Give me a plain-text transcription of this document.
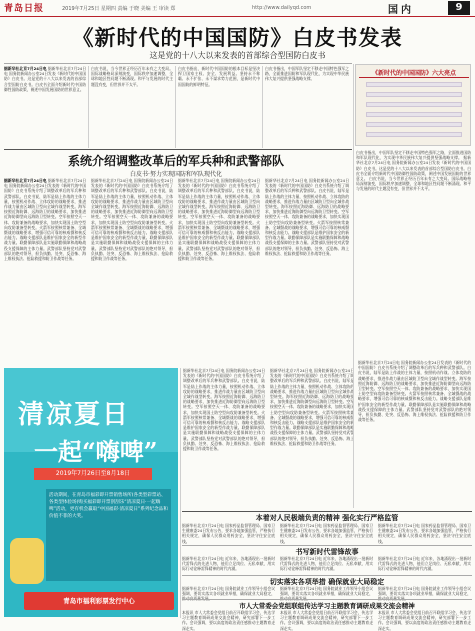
青岛日报	2019年7月25日 星期四 责编 于晓 美编 王 审读 郑	http://www.dailyqd.com	国内	9
《新时代的中国国防》白皮书发表
这是党的十八大以来发表的首部综合型国防白皮书
据新华社北京7月24日电 据新华社北京7月24日电 国务院新闻办公室24日发表《新时代的中国国防》白皮书。这是党的十八大以来发表的首部综合型国防白皮书。白皮书全面介绍新时代中国防御性国防政策，阐述中国发展国防的世界意义。
白皮书说，当今世界正经历百年未有之大变局。国际战略格局深刻演变，国际秩序加速调整，全球和地区性问题不断涌现。和平与发展的时代主题没有变，但世界并不太平。
白皮书指出，新时代中国国防的根本目标是坚决捍卫国家主权、安全、发展利益。坚持永不称霸、永不扩张、永不谋求势力范围，是新时代中国国防的鲜明特征。
白皮书指出，中国军队坚定不移走中国特色强军之路，全面推进国防和军队现代化，为实现中华民族伟大复兴提供坚强战略支撑。
《新时代的中国国防》六大亮点
白皮书指出，中国军队坚定不移走中国特色强军之路，全面推进国防和军队现代化，为实现中华民族伟大复兴提供坚强战略支撑。 据新华社北京7月24日电 国务院新闻办公室24日发表《新时代的中国国防》白皮书。这是党的十八大以来发表的首部综合型国防白皮书。白皮书全面介绍新时代中国防御性国防政策，阐述中国发展国防的世界意义。 白皮书说，当今世界正经历百年未有之大变局。国际战略格局深刻演变，国际秩序加速调整，全球和地区性问题不断涌现。和平与发展的时代主题没有变，但世界并不太平。
系统介绍调整改革后的军兵种和武警部队
白皮书·努力实现国防和军队现代化
据新华社北京7月24日电 据新华社北京7月24日电 国务院新闻办公室24日发表的《新时代的中国国防》白皮书系统介绍了调整改革后的军兵种和武警部队。白皮书说，陆军是陆上作战的主体力量，按照机动作战、立体攻防的战略要求，推进作战力量由区域防卫型向全域作战型转变。海军按照近海防御、远海防卫的战略要求，加快推进近海防御型向远海防卫型转变。空军按照空天一体、攻防兼备的战略要求，加快实现国土防空型向攻防兼备型转变。火箭军按照核常兼备、全域慑战的战略要求，增强可信可靠的核威慑和核反击能力。战略支援部队是维护国家安全的新型作战力量。联勤保障部队是实施联勤保障和战略战役支援保障的主体力量。武警部队坚持党对武警部队的绝对领导，担负执勤、处突、反恐怖、海上维权执法、抢险救援和防卫作战等任务。
据新华社北京7月24日电 国务院新闻办公室24日发表的《新时代的中国国防》白皮书系统介绍了调整改革后的军兵种和武警部队。白皮书说，陆军是陆上作战的主体力量，按照机动作战、立体攻防的战略要求，推进作战力量由区域防卫型向全域作战型转变。海军按照近海防御、远海防卫的战略要求，加快推进近海防御型向远海防卫型转变。空军按照空天一体、攻防兼备的战略要求，加快实现国土防空型向攻防兼备型转变。火箭军按照核常兼备、全域慑战的战略要求，增强可信可靠的核威慑和核反击能力。战略支援部队是维护国家安全的新型作战力量。联勤保障部队是实施联勤保障和战略战役支援保障的主体力量。武警部队坚持党对武警部队的绝对领导，担负执勤、处突、反恐怖、海上维权执法、抢险救援和防卫作战等任务。
据新华社北京7月24日电 国务院新闻办公室24日发表的《新时代的中国国防》白皮书系统介绍了调整改革后的军兵种和武警部队。白皮书说，陆军是陆上作战的主体力量，按照机动作战、立体攻防的战略要求，推进作战力量由区域防卫型向全域作战型转变。海军按照近海防御、远海防卫的战略要求，加快推进近海防御型向远海防卫型转变。空军按照空天一体、攻防兼备的战略要求，加快实现国土防空型向攻防兼备型转变。火箭军按照核常兼备、全域慑战的战略要求，增强可信可靠的核威慑和核反击能力。战略支援部队是维护国家安全的新型作战力量。联勤保障部队是实施联勤保障和战略战役支援保障的主体力量。武警部队坚持党对武警部队的绝对领导，担负执勤、处突、反恐怖、海上维权执法、抢险救援和防卫作战等任务。
据新华社北京7月24日电 国务院新闻办公室24日发表的《新时代的中国国防》白皮书系统介绍了调整改革后的军兵种和武警部队。白皮书说，陆军是陆上作战的主体力量，按照机动作战、立体攻防的战略要求，推进作战力量由区域防卫型向全域作战型转变。海军按照近海防御、远海防卫的战略要求，加快推进近海防御型向远海防卫型转变。空军按照空天一体、攻防兼备的战略要求，加快实现国土防空型向攻防兼备型转变。火箭军按照核常兼备、全域慑战的战略要求，增强可信可靠的核威慑和核反击能力。战略支援部队是维护国家安全的新型作战力量。联勤保障部队是实施联勤保障和战略战役支援保障的主体力量。武警部队坚持党对武警部队的绝对领导，担负执勤、处突、反恐怖、海上维权执法、抢险救援和防卫作战等任务。
据新华社北京7月24日电 国务院新闻办公室24日发表的《新时代的中国国防》白皮书系统介绍了调整改革后的军兵种和武警部队。白皮书说，陆军是陆上作战的主体力量，按照机动作战、立体攻防的战略要求，推进作战力量由区域防卫型向全域作战型转变。海军按照近海防御、远海防卫的战略要求，加快推进近海防御型向远海防卫型转变。空军按照空天一体、攻防兼备的战略要求，加快实现国土防空型向攻防兼备型转变。火箭军按照核常兼备、全域慑战的战略要求，增强可信可靠的核威慑和核反击能力。战略支援部队是维护国家安全的新型作战力量。联勤保障部队是实施联勤保障和战略战役支援保障的主体力量。武警部队坚持党对武警部队的绝对领导，担负执勤、处突、反恐怖、海上维权执法、抢险救援和防卫作战等任务。
据新华社北京7月24日电 国务院新闻办公室24日发表的《新时代的中国国防》白皮书系统介绍了调整改革后的军兵种和武警部队。白皮书说，陆军是陆上作战的主体力量，按照机动作战、立体攻防的战略要求，推进作战力量由区域防卫型向全域作战型转变。海军按照近海防御、远海防卫的战略要求，加快推进近海防御型向远海防卫型转变。空军按照空天一体、攻防兼备的战略要求，加快实现国土防空型向攻防兼备型转变。火箭军按照核常兼备、全域慑战的战略要求，增强可信可靠的核威慑和核反击能力。战略支援部队是维护国家安全的新型作战力量。联勤保障部队是实施联勤保障和战略战役支援保障的主体力量。武警部队坚持党对武警部队的绝对领导，担负执勤、处突、反恐怖、海上维权执法、抢险救援和防卫作战等任务。
据新华社北京7月24日电 国务院新闻办公室24日发表的《新时代的中国国防》白皮书系统介绍了调整改革后的军兵种和武警部队。白皮书说，陆军是陆上作战的主体力量，按照机动作战、立体攻防的战略要求，推进作战力量由区域防卫型向全域作战型转变。海军按照近海防御、远海防卫的战略要求，加快推进近海防御型向远海防卫型转变。空军按照空天一体、攻防兼备的战略要求，加快实现国土防空型向攻防兼备型转变。火箭军按照核常兼备、全域慑战的战略要求，增强可信可靠的核威慑和核反击能力。战略支援部队是维护国家安全的新型作战力量。联勤保障部队是实施联勤保障和战略战役支援保障的主体力量。武警部队坚持党对武警部队的绝对领导，担负执勤、处突、反恐怖、海上维权执法、抢险救援和防卫作战等任务。
清凉夏日
一起“嗨啤”
2019年7月26日至8月18日

活动期间，在青岛市福彩即开票销售场所(各类型彩票站、各类型体验场)购买福彩即开票刮刮乐“清凉夏日·一起嗨啤”活动，更有机会赢取“中国福彩·清凉夏日”系列纪念品和价值不菲的大奖。

青岛市福利彩票发行中心
本着对人民极端负责的精神 强化实行严格监管
据新华社北京7月24日电 国家药品监督管理局、国家卫生健康委24日发布公告，要求各地加强监管，严格执行相关规定，确保人民群众用药安全，坚决守住安全底线。
据新华社北京7月24日电 国家药品监督管理局、国家卫生健康委24日发布公告，要求各地加强监管，严格执行相关规定，确保人民群众用药安全，坚决守住安全底线。
据新华社北京7月24日电 国家药品监督管理局、国家卫生健康委24日发布公告，要求各地加强监管，严格执行相关规定，确保人民群众用药安全，坚决守住安全底线。
书写新时代雷锋故事
据新华社北京7月24日电 近年来，各地涌现出一批新时代雷锋式的先进人物，他们立足岗位、无私奉献，用实际行动诠释雷锋精神的时代内涵。
据新华社北京7月24日电 近年来，各地涌现出一批新时代雷锋式的先进人物，他们立足岗位、无私奉献，用实际行动诠释雷锋精神的时代内涵。
据新华社北京7月24日电 近年来，各地涌现出一批新时代雷锋式的先进人物，他们立足岗位、无私奉献，用实际行动诠释雷锋精神的时代内涵。
切实落实各项举措 确保就业大局稳定
据新华社北京7月24日电 国务院就业工作领导小组会议强调，要切实落实各项就业举措，确保就业大局稳定，推动高质量发展。
据新华社北京7月24日电 国务院就业工作领导小组会议强调，要切实落实各项就业举措，确保就业大局稳定，推动高质量发展。
据新华社北京7月24日电 国务院就业工作领导小组会议强调，要切实落实各项就业举措，确保就业大局稳定，推动高质量发展。
市人大常委会党组联组传达学习主题教育调研成果交流会精神
本报讯 市人大常委会党组日前召开联组学习会，传达学习主题教育调研成果交流会精神，研究部署下一步工作。会议强调，要以高度的政治责任感推动主题教育走深走实。
本报讯 市人大常委会党组日前召开联组学习会，传达学习主题教育调研成果交流会精神，研究部署下一步工作。会议强调，要以高度的政治责任感推动主题教育走深走实。
本报讯 市人大常委会党组日前召开联组学习会，传达学习主题教育调研成果交流会精神，研究部署下一步工作。会议强调，要以高度的政治责任感推动主题教育走深走实。
